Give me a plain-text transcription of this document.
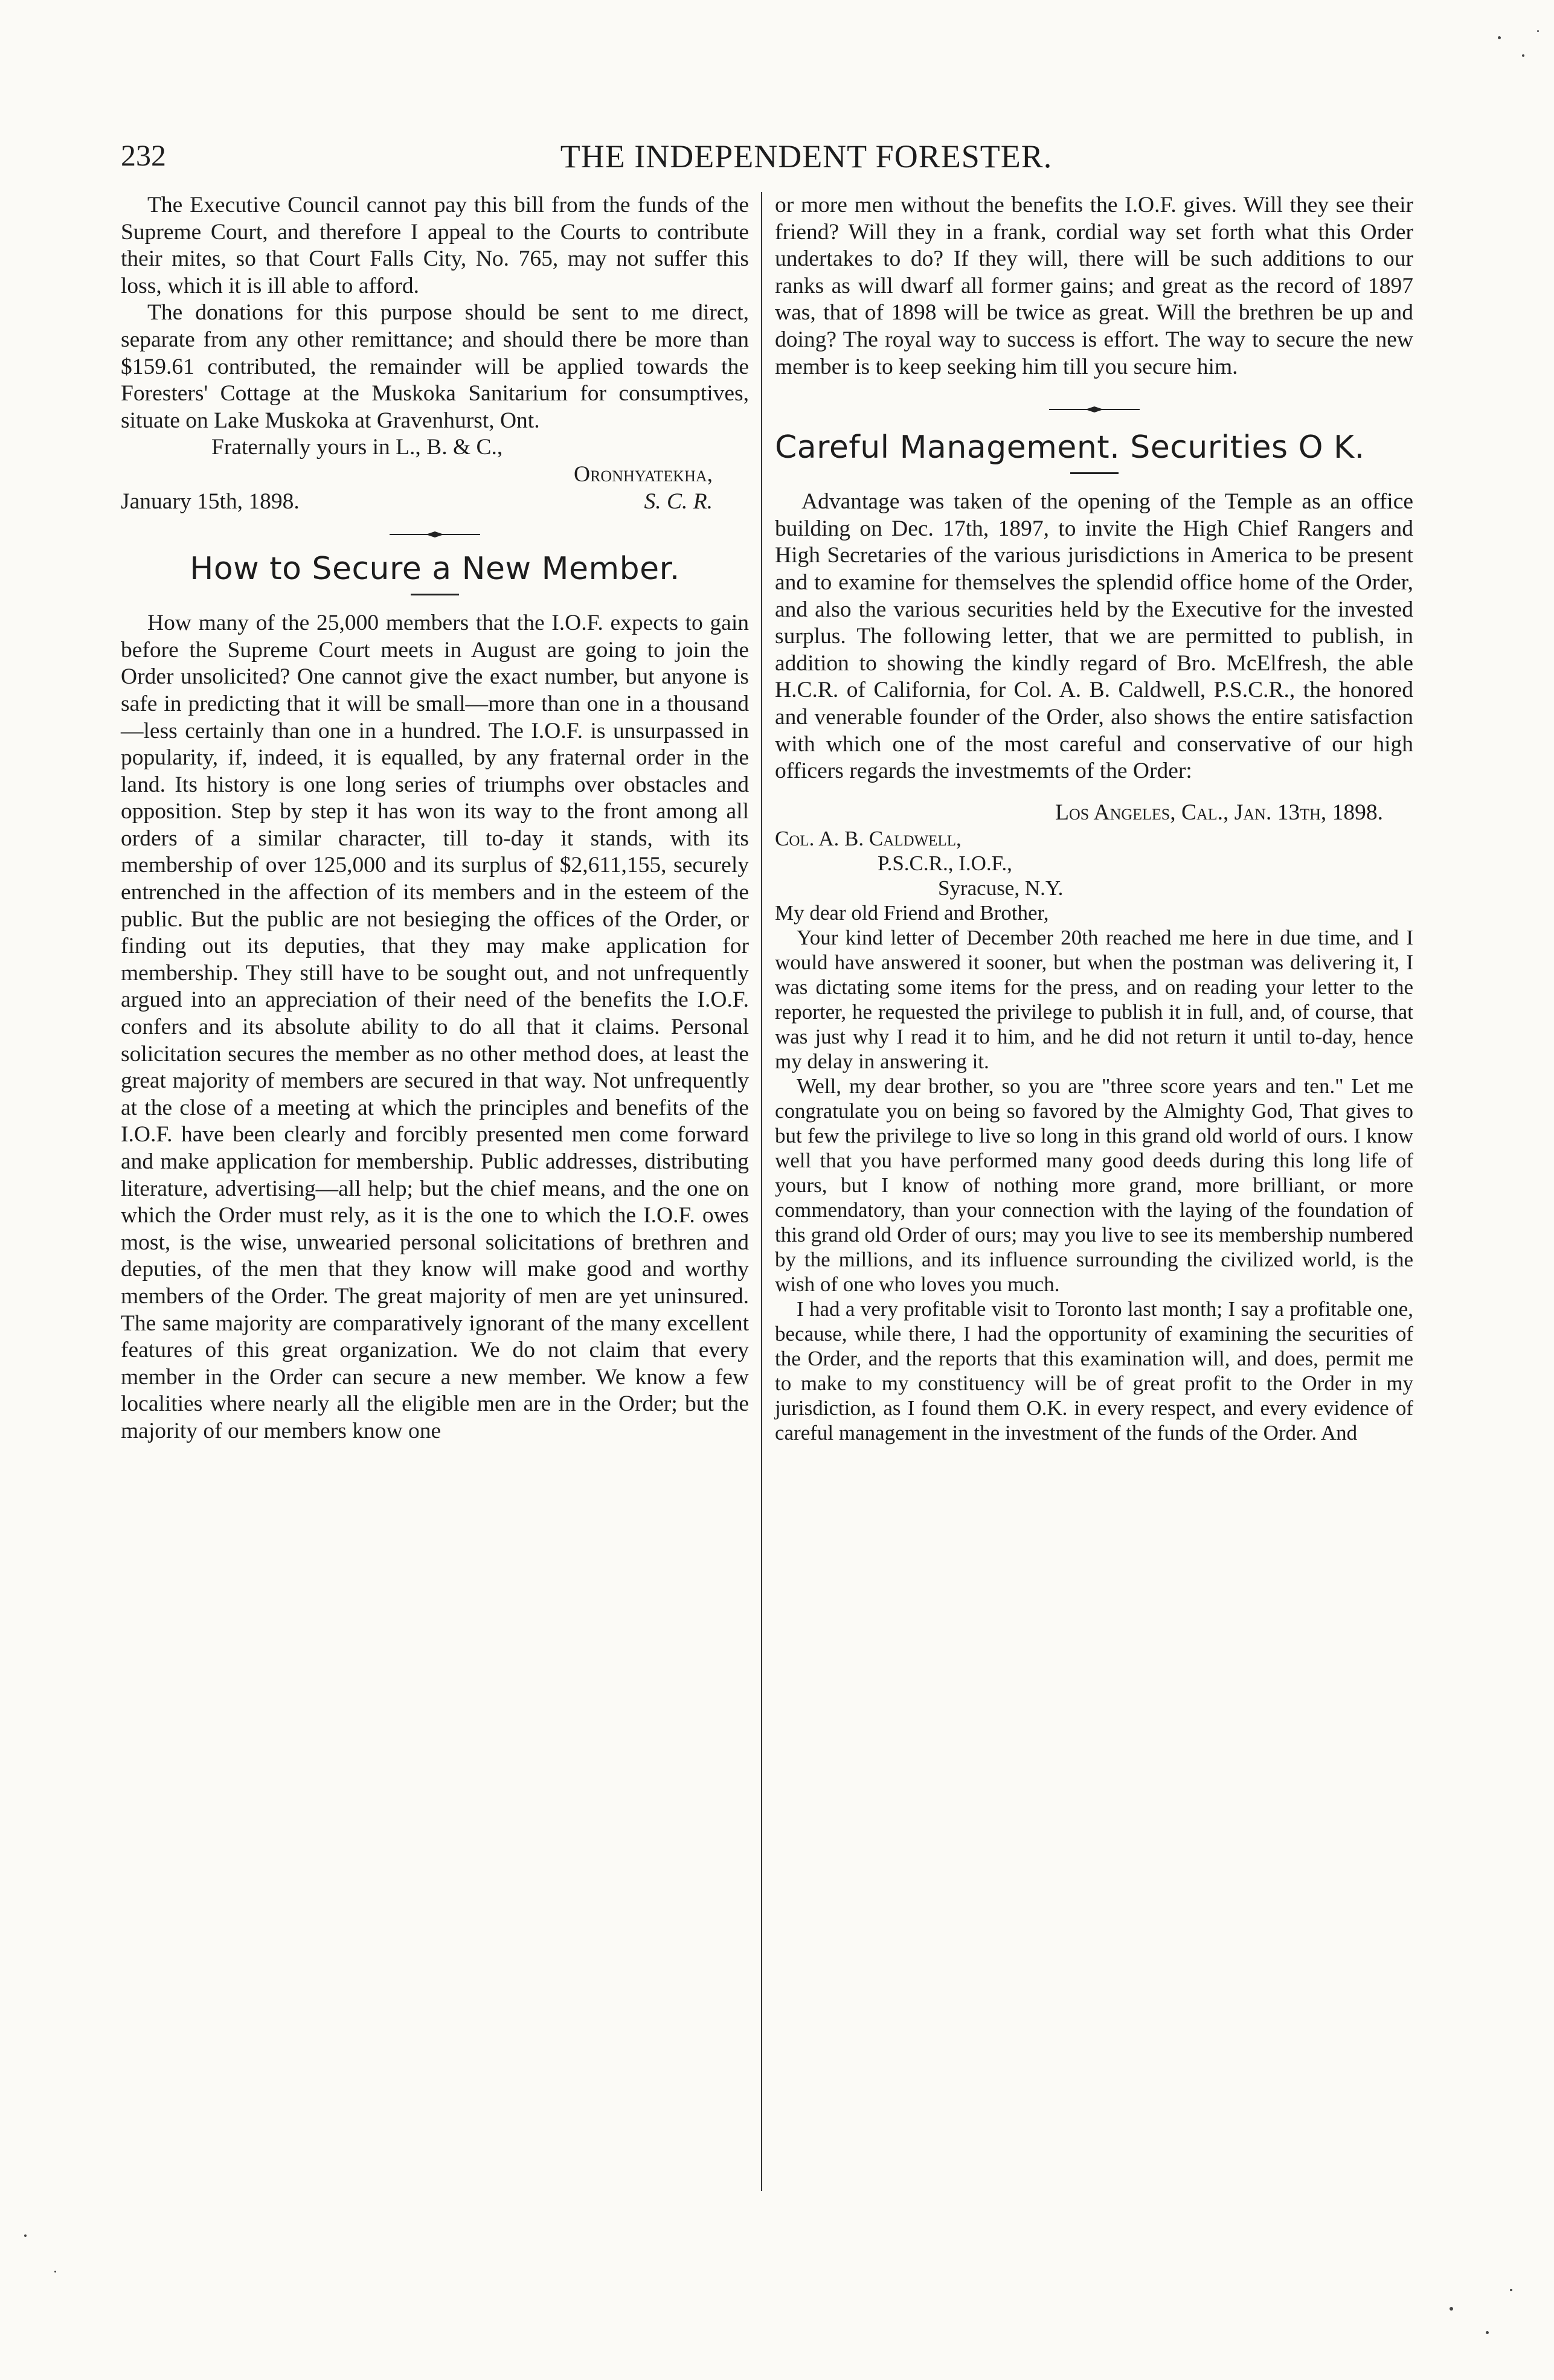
232	THE INDEPENDENT FORESTER.

The Executive Council cannot pay this bill from the funds of the Supreme Court, and therefore I appeal to the Courts to contribute their mites, so that Court Falls City, No. 765, may not suffer this loss, which it is ill able to afford.

The donations for this purpose should be sent to me direct, separate from any other remittance; and should there be more than $159.61 contributed, the remainder will be applied towards the Foresters' Cottage at the Muskoka Sanitarium for consumptives, situate on Lake Muskoka at Gravenhurst, Ont.

Fraternally yours in L., B. & C.,

Oronhyatekha,

January 15th, 1898.	S. C. R.
How to Secure a New Member.

How many of the 25,000 members that the I.O.F. expects to gain before the Supreme Court meets in August are going to join the Order unsolicited? One cannot give the exact number, but anyone is safe in predicting that it will be small—more than one in a thousand—less certainly than one in a hundred. The I.O.F. is unsurpassed in popularity, if, indeed, it is equalled, by any fraternal order in the land. Its history is one long series of triumphs over obstacles and opposition. Step by step it has won its way to the front among all orders of a similar character, till to-day it stands, with its membership of over 125,000 and its surplus of $2,611,155, securely entrenched in the affection of its members and in the esteem of the public. But the public are not besieging the offices of the Order, or finding out its deputies, that they may make application for membership. They still have to be sought out, and not unfrequently argued into an appreciation of their need of the benefits the I.O.F. confers and its absolute ability to do all that it claims. Personal solicitation secures the member as no other method does, at least the great majority of members are secured in that way. Not unfrequently at the close of a meeting at which the principles and benefits of the I.O.F. have been clearly and forcibly presented men come forward and make application for membership. Public addresses, distributing literature, advertising—all help; but the chief means, and the one on which the Order must rely, as it is the one to which the I.O.F. owes most, is the wise, unwearied personal solicitations of brethren and deputies, of the men that they know will make good and worthy members of the Order. The great majority of men are yet uninsured. The same majority are comparatively ignorant of the many excellent features of this great organization. We do not claim that every member in the Order can secure a new member. We know a few localities where nearly all the eligible men are in the Order; but the majority of our members know one

or more men without the benefits the I.O.F. gives. Will they see their friend? Will they in a frank, cordial way set forth what this Order undertakes to do? If they will, there will be such additions to our ranks as will dwarf all former gains; and great as the record of 1897 was, that of 1898 will be twice as great. Will the brethren be up and doing? The royal way to success is effort. The way to secure the new member is to keep seeking him till you secure him.

Careful Management. Securities O K.

Advantage was taken of the opening of the Temple as an office building on Dec. 17th, 1897, to invite the High Chief Rangers and High Secretaries of the various jurisdictions in America to be present and to examine for themselves the splendid office home of the Order, and also the various securities held by the Executive for the invested surplus. The following letter, that we are permitted to publish, in addition to showing the kindly regard of Bro. McElfresh, the able H.C.R. of California, for Col. A. B. Caldwell, P.S.C.R., the honored and venerable founder of the Order, also shows the entire satisfaction with which one of the most careful and conservative of our high officers regards the investmemts of the Order:

Los Angeles, Cal., Jan. 13th, 1898.

Col. A. B. Caldwell,

P.S.C.R., I.O.F.,

Syracuse, N.Y.

My dear old Friend and Brother,

Your kind letter of December 20th reached me here in due time, and I would have answered it sooner, but when the postman was delivering it, I was dictating some items for the press, and on reading your letter to the reporter, he requested the privilege to publish it in full, and, of course, that was just why I read it to him, and he did not return it until to-day, hence my delay in answering it.

Well, my dear brother, so you are "three score years and ten." Let me congratulate you on being so favored by the Almighty God, That gives to but few the privilege to live so long in this grand old world of ours. I know well that you have performed many good deeds during this long life of yours, but I know of nothing more grand, more brilliant, or more commendatory, than your connection with the laying of the foundation of this grand old Order of ours; may you live to see its membership numbered by the millions, and its influence surrounding the civilized world, is the wish of one who loves you much.

I had a very profitable visit to Toronto last month; I say a profitable one, because, while there, I had the opportunity of examining the securities of the Order, and the reports that this examination will, and does, permit me to make to my constituency will be of great profit to the Order in my jurisdiction, as I found them O.K. in every respect, and every evidence of careful management in the investment of the funds of the Order. And
